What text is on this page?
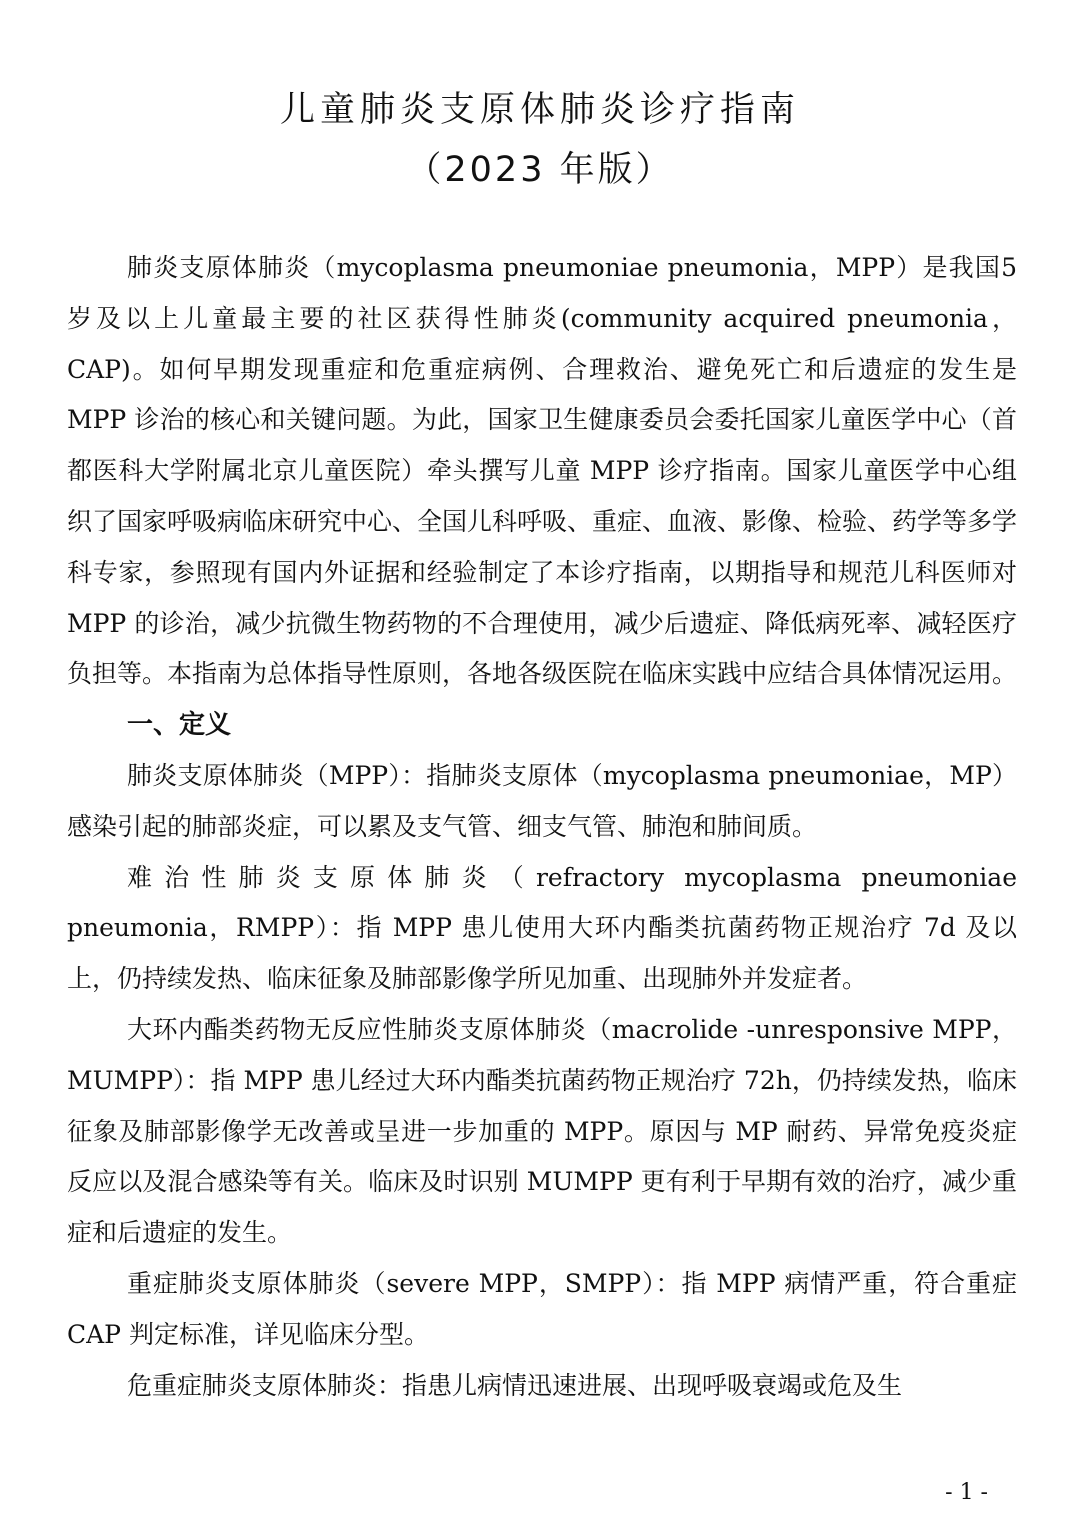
儿童肺炎支原体肺炎诊疗指南
（2023 年版）

肺炎支原体肺炎（mycoplasma pneumoniae pneumonia，MPP）是我国5岁及以上儿童最主要的社区获得性肺炎(community acquired pneumonia，CAP)。如何早期发现重症和危重症病例、合理救治、避免死亡和后遗症的发生是 MPP 诊治的核心和关键问题。为此，国家卫生健康委员会委托国家儿童医学中心（首都医科大学附属北京儿童医院）牵头撰写儿童 MPP 诊疗指南。国家儿童医学中心组织了国家呼吸病临床研究中心、全国儿科呼吸、重症、血液、影像、检验、药学等多学科专家，参照现有国内外证据和经验制定了本诊疗指南，以期指导和规范儿科医师对 MPP 的诊治，减少抗微生物药物的不合理使用，减少后遗症、降低病死率、减轻医疗负担等。本指南为总体指导性原则，各地各级医院在临床实践中应结合具体情况运用。

一、定义

肺炎支原体肺炎（MPP）：指肺炎支原体（mycoplasma pneumoniae，MP）感染引起的肺部炎症，可以累及支气管、细支气管、肺泡和肺间质。

难治性肺炎支原体肺炎（refractory mycoplasma pneumoniae pneumonia，RMPP）：指 MPP 患儿使用大环内酯类抗菌药物正规治疗 7d 及以上，仍持续发热、临床征象及肺部影像学所见加重、出现肺外并发症者。

大环内酯类药物无反应性肺炎支原体肺炎（macrolide -unresponsive MPP，MUMPP）：指 MPP 患儿经过大环内酯类抗菌药物正规治疗 72h，仍持续发热，临床征象及肺部影像学无改善或呈进一步加重的 MPP。原因与 MP 耐药、异常免疫炎症反应以及混合感染等有关。临床及时识别 MUMPP 更有利于早期有效的治疗，减少重症和后遗症的发生。

重症肺炎支原体肺炎（severe MPP，SMPP）：指 MPP 病情严重，符合重症 CAP 判定标准，详见临床分型。

危重症肺炎支原体肺炎：指患儿病情迅速进展、出现呼吸衰竭或危及生

- 1 -
